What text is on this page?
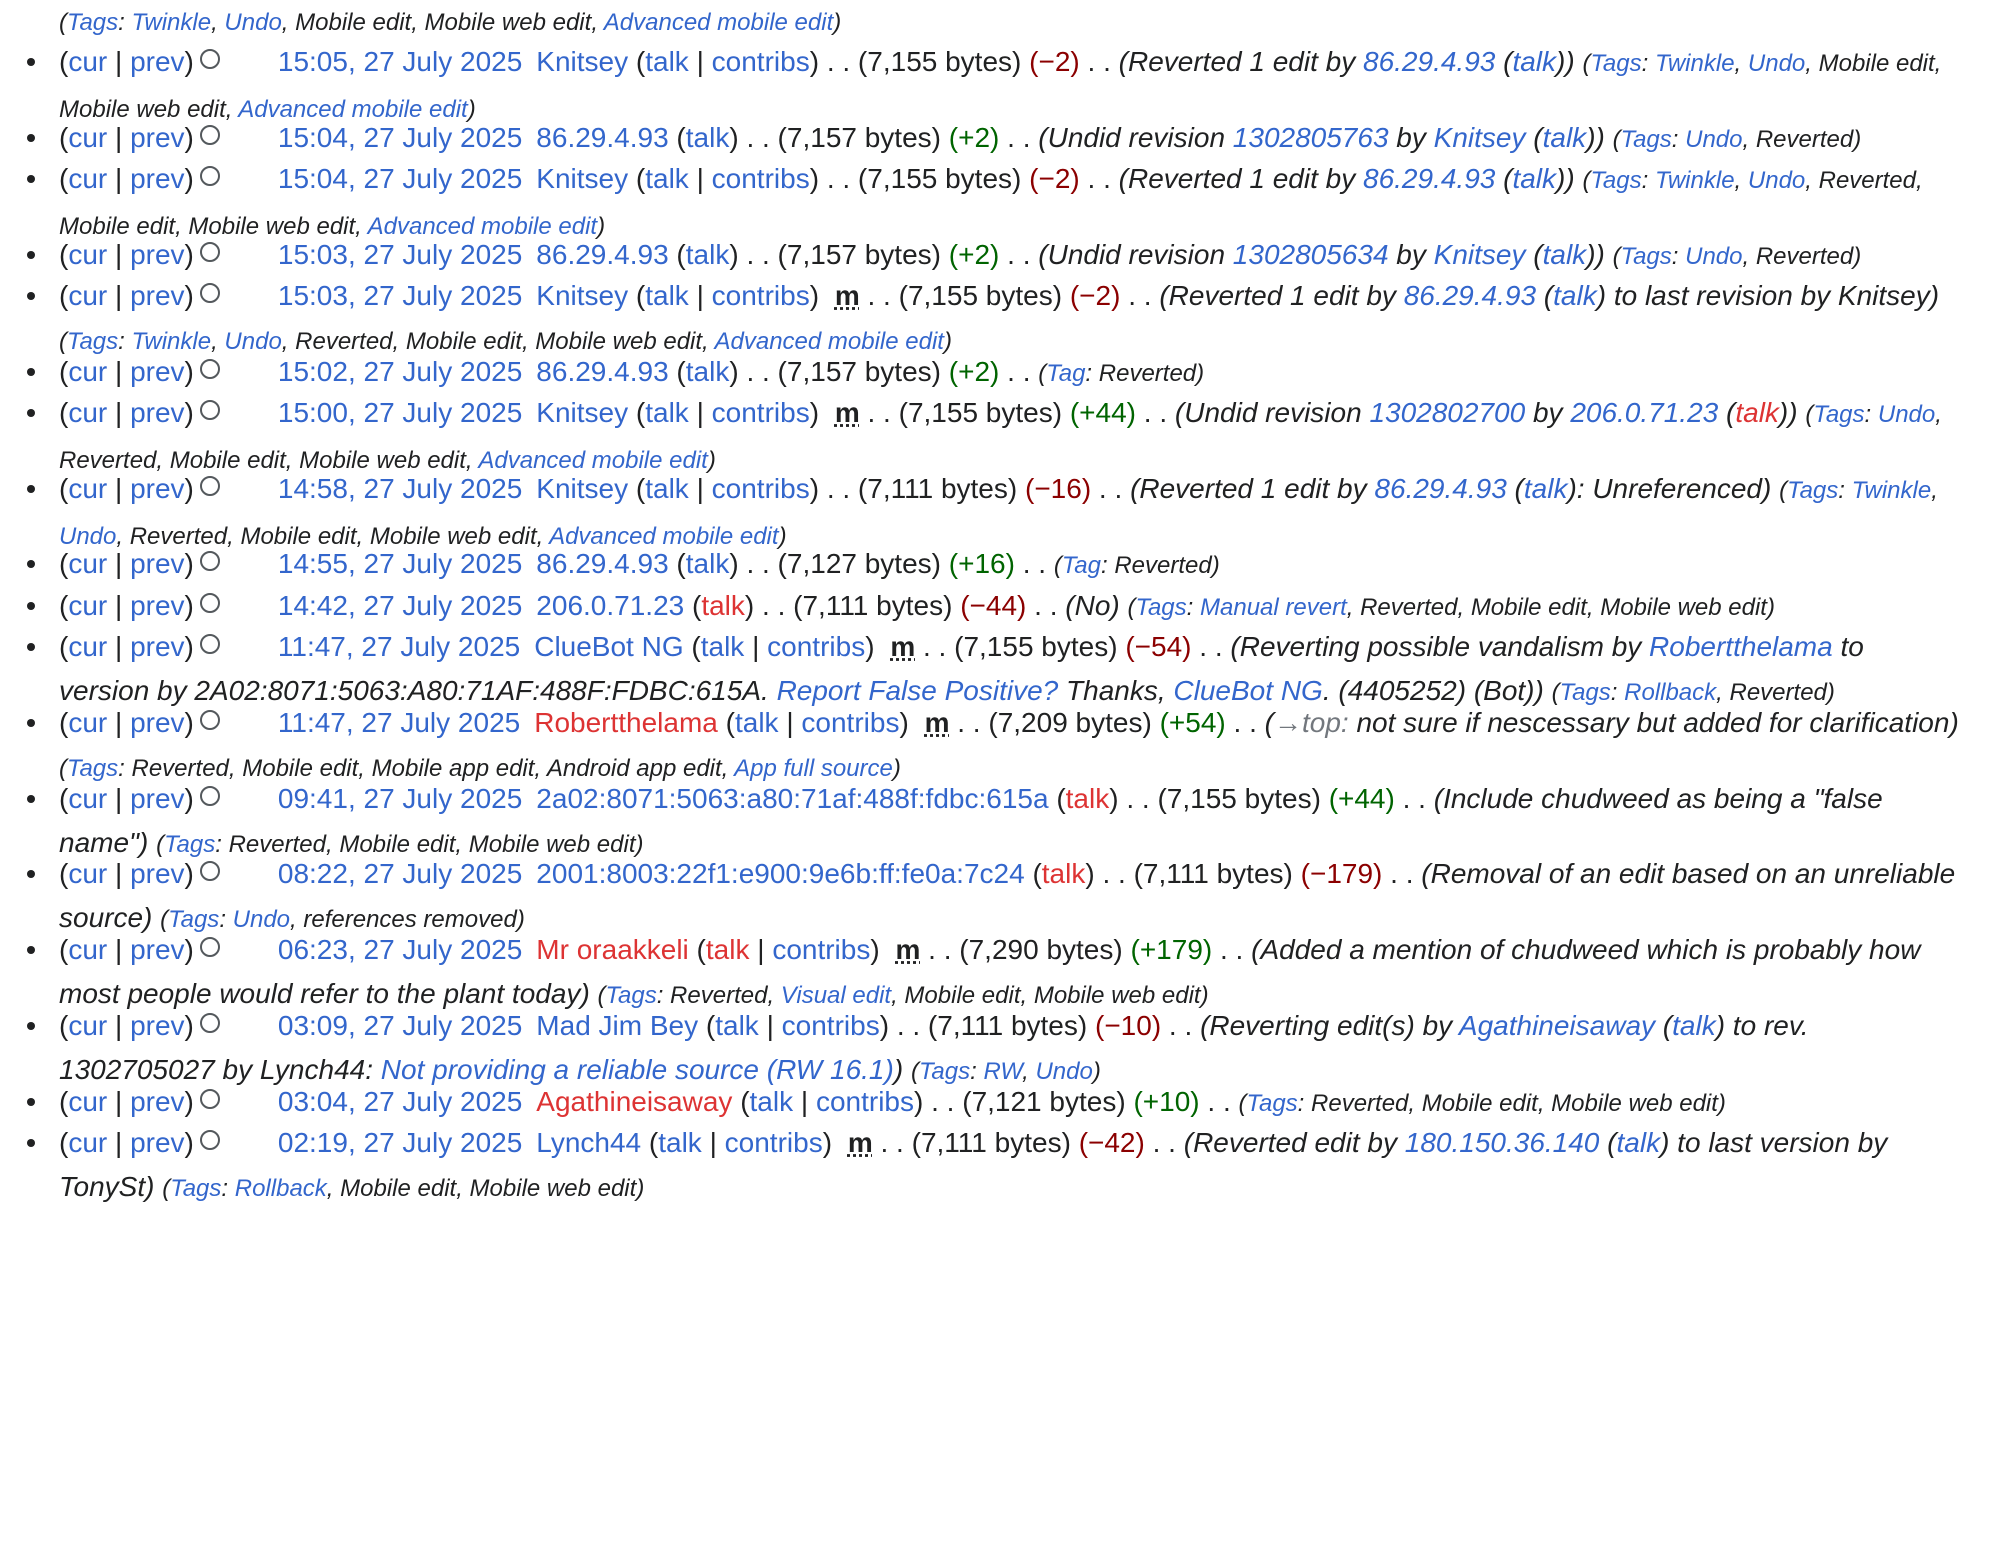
(Tags: Twinkle, Undo, Mobile edit, Mobile web edit, Advanced mobile edit)
(cur | prev)	15:05, 27 July 2025 Knitsey (talk | contribs) . . (7,155 bytes) (−2) . . (Reverted 1 edit by 86.29.4.93 (talk)) (Tags: Twinkle, Undo, Mobile edit, Mobile web edit, Advanced mobile edit)
(cur | prev)	15:04, 27 July 2025 86.29.4.93 (talk) . . (7,157 bytes) (+2) . . (Undid revision 1302805763 by Knitsey (talk)) (Tags: Undo, Reverted)
(cur | prev)	15:04, 27 July 2025 Knitsey (talk | contribs) . . (7,155 bytes) (−2) . . (Reverted 1 edit by 86.29.4.93 (talk)) (Tags: Twinkle, Undo, Reverted, Mobile edit, Mobile web edit, Advanced mobile edit)
(cur | prev)	15:03, 27 July 2025 86.29.4.93 (talk) . . (7,157 bytes) (+2) . . (Undid revision 1302805634 by Knitsey (talk)) (Tags: Undo, Reverted)
(cur | prev)	15:03, 27 July 2025 Knitsey (talk | contribs) m . . (7,155 bytes) (−2) . . (Reverted 1 edit by 86.29.4.93 (talk) to last revision by Knitsey) (Tags: Twinkle, Undo, Reverted, Mobile edit, Mobile web edit, Advanced mobile edit)
(cur | prev)	15:02, 27 July 2025 86.29.4.93 (talk) . . (7,157 bytes) (+2) . . (Tag: Reverted)
(cur | prev)	15:00, 27 July 2025 Knitsey (talk | contribs) m . . (7,155 bytes) (+44) . . (Undid revision 1302802700 by 206.0.71.23 (talk)) (Tags: Undo, Reverted, Mobile edit, Mobile web edit, Advanced mobile edit)
(cur | prev)	14:58, 27 July 2025 Knitsey (talk | contribs) . . (7,111 bytes) (−16) . . (Reverted 1 edit by 86.29.4.93 (talk): Unreferenced) (Tags: Twinkle, Undo, Reverted, Mobile edit, Mobile web edit, Advanced mobile edit)
(cur | prev)	14:55, 27 July 2025 86.29.4.93 (talk) . . (7,127 bytes) (+16) . . (Tag: Reverted)
(cur | prev)	14:42, 27 July 2025 206.0.71.23 (talk) . . (7,111 bytes) (−44) . . (No) (Tags: Manual revert, Reverted, Mobile edit, Mobile web edit)
(cur | prev)	11:47, 27 July 2025 ClueBot NG (talk | contribs) m . . (7,155 bytes) (−54) . . (Reverting possible vandalism by Robertthelama to version by 2A02:8071:5063:A80:71AF:488F:FDBC:615A. Report False Positive? Thanks, ClueBot NG. (4405252) (Bot)) (Tags: Rollback, Reverted)
(cur | prev)	11:47, 27 July 2025 Robertthelama (talk | contribs) m . . (7,209 bytes) (+54) . . (→top: not sure if nescessary but added for clarification) (Tags: Reverted, Mobile edit, Mobile app edit, Android app edit, App full source)
(cur | prev)	09:41, 27 July 2025 2a02:8071:5063:a80:71af:488f:fdbc:615a (talk) . . (7,155 bytes) (+44) . . (Include chudweed as being a "false name") (Tags: Reverted, Mobile edit, Mobile web edit)
(cur | prev)	08:22, 27 July 2025 2001:8003:22f1:e900:9e6b:ff:fe0a:7c24 (talk) . . (7,111 bytes) (−179) . . (Removal of an edit based on an unreliable source) (Tags: Undo, references removed)
(cur | prev)	06:23, 27 July 2025 Mr oraakkeli (talk | contribs) m . . (7,290 bytes) (+179) . . (Added a mention of chudweed which is probably how most people would refer to the plant today) (Tags: Reverted, Visual edit, Mobile edit, Mobile web edit)
(cur | prev)	03:09, 27 July 2025 Mad Jim Bey (talk | contribs) . . (7,111 bytes) (−10) . . (Reverting edit(s) by Agathineisaway (talk) to rev. 1302705027 by Lynch44: Not providing a reliable source (RW 16.1)) (Tags: RW, Undo)
(cur | prev)	03:04, 27 July 2025 Agathineisaway (talk | contribs) . . (7,121 bytes) (+10) . . (Tags: Reverted, Mobile edit, Mobile web edit)
(cur | prev)	02:19, 27 July 2025 Lynch44 (talk | contribs) m . . (7,111 bytes) (−42) . . (Reverted edit by 180.150.36.140 (talk) to last version by TonySt) (Tags: Rollback, Mobile edit, Mobile web edit)
